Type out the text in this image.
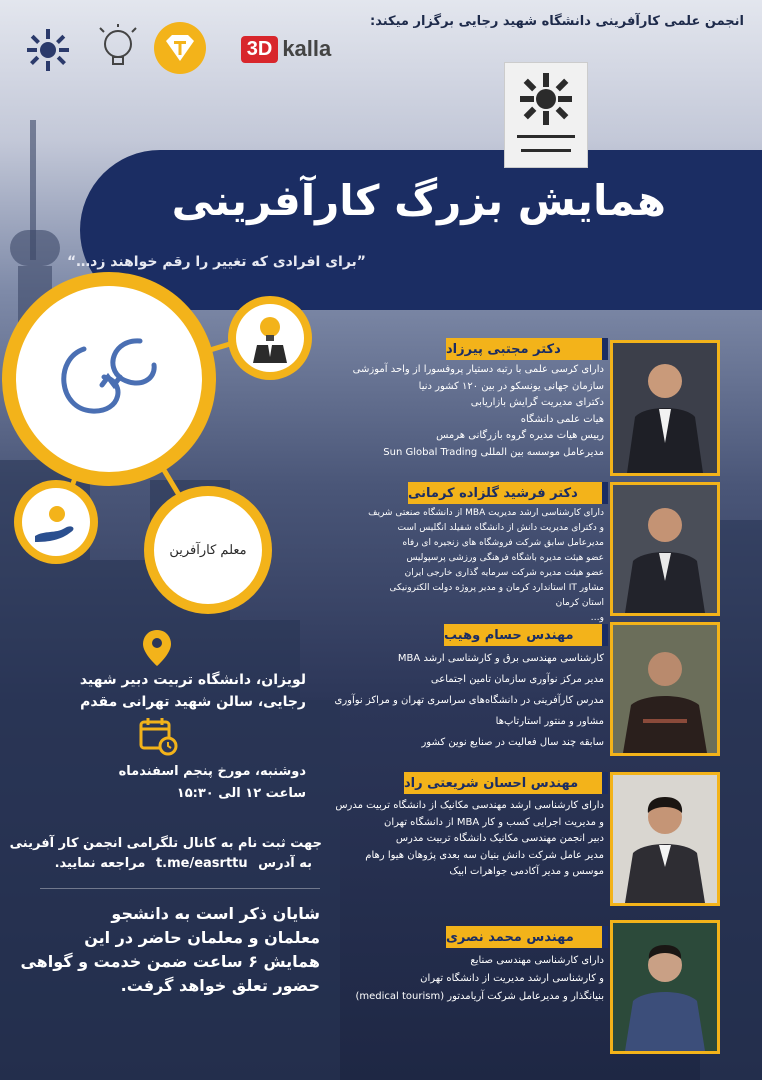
انجمن علمی کارآفرینی دانشگاه شهید رجایی برگزار میکند:
3D kalla
همایش بزرگ کارآفرینی
”برای افرادی که تغییر را رقم خواهند زد…“
معلم کارآفرین
لویزان، دانشگاه تربیت دبیر شهید
رجایی، سالن شهید تهرانی مقدم
دوشنبه، مورخ پنجم اسفندماه
ساعت ۱۲ الی ۱۵:۳۰
جهت ثبت نام به کانال تلگرامی انجمن کار آفرینی
به آدرس t.me/easrttu مراجعه نمایید.
شایان ذکر است به دانشجو
معلمان و معلمان حاضر در این
همایش ۶ ساعت ضمن خدمت و گواهی
حضور تعلق خواهد گرفت.
دکتر مجتبی پیرزاد
دارای کرسی علمی با رتبه دستیار پروفسورا از واحد آموزشی
سازمان جهانی یونسکو در بین ۱۲۰ کشور دنیا
دکترای مدیریت گرایش بازاریابی
هیات علمی دانشگاه
رییس هیات مدیره گروه بازرگانی هرمس
مدیرعامل موسسه بین المللی Sun Global Trading
دکتر فرشید گلزاده کرمانی
دارای کارشناسی ارشد مدیریت MBA از دانشگاه صنعتی شریف
و دکترای مدیریت دانش از دانشگاه شفیلد انگلیس است
مدیرعامل سابق شرکت فروشگاه های زنجیره ای رفاه
عضو هیئت مدیره باشگاه فرهنگی ورزشی پرسپولیس
عضو هیئت مدیره شرکت سرمایه گذاری خارجی ایران
مشاور IT استاندارد کرمان و مدیر پروژه دولت الکترونیکی
استان کرمان
و…
مهندس حسام وهیب
کارشناسی مهندسی برق و کارشناسی ارشد MBA
مدیر مرکز نوآوری سازمان تامین اجتماعی
مدرس کارآفرینی در دانشگاه‌های سراسری تهران و مراکز نوآوری
مشاور و منتور استارتاپ‌ها
سابقه چند سال فعالیت در صنایع نوین کشور
مهندس احسان شریعتی راد
دارای کارشناسی ارشد مهندسی مکانیک از دانشگاه تربیت مدرس
و مدیریت اجرایی کسب و کار MBA از دانشگاه تهران
دبیر انجمن مهندسی مکانیک دانشگاه تربیت مدرس
مدیر عامل شرکت دانش بنیان سه بعدی پژوهان هیوا رهام
موسس و مدیر آکادمی جواهرات ابیک
مهندس محمد نصری
دارای کارشناسی مهندسی صنایع
و کارشناسی ارشد مدیریت از دانشگاه تهران
بنیانگذار و مدیرعامل شرکت آریامدتور (medical tourism)
